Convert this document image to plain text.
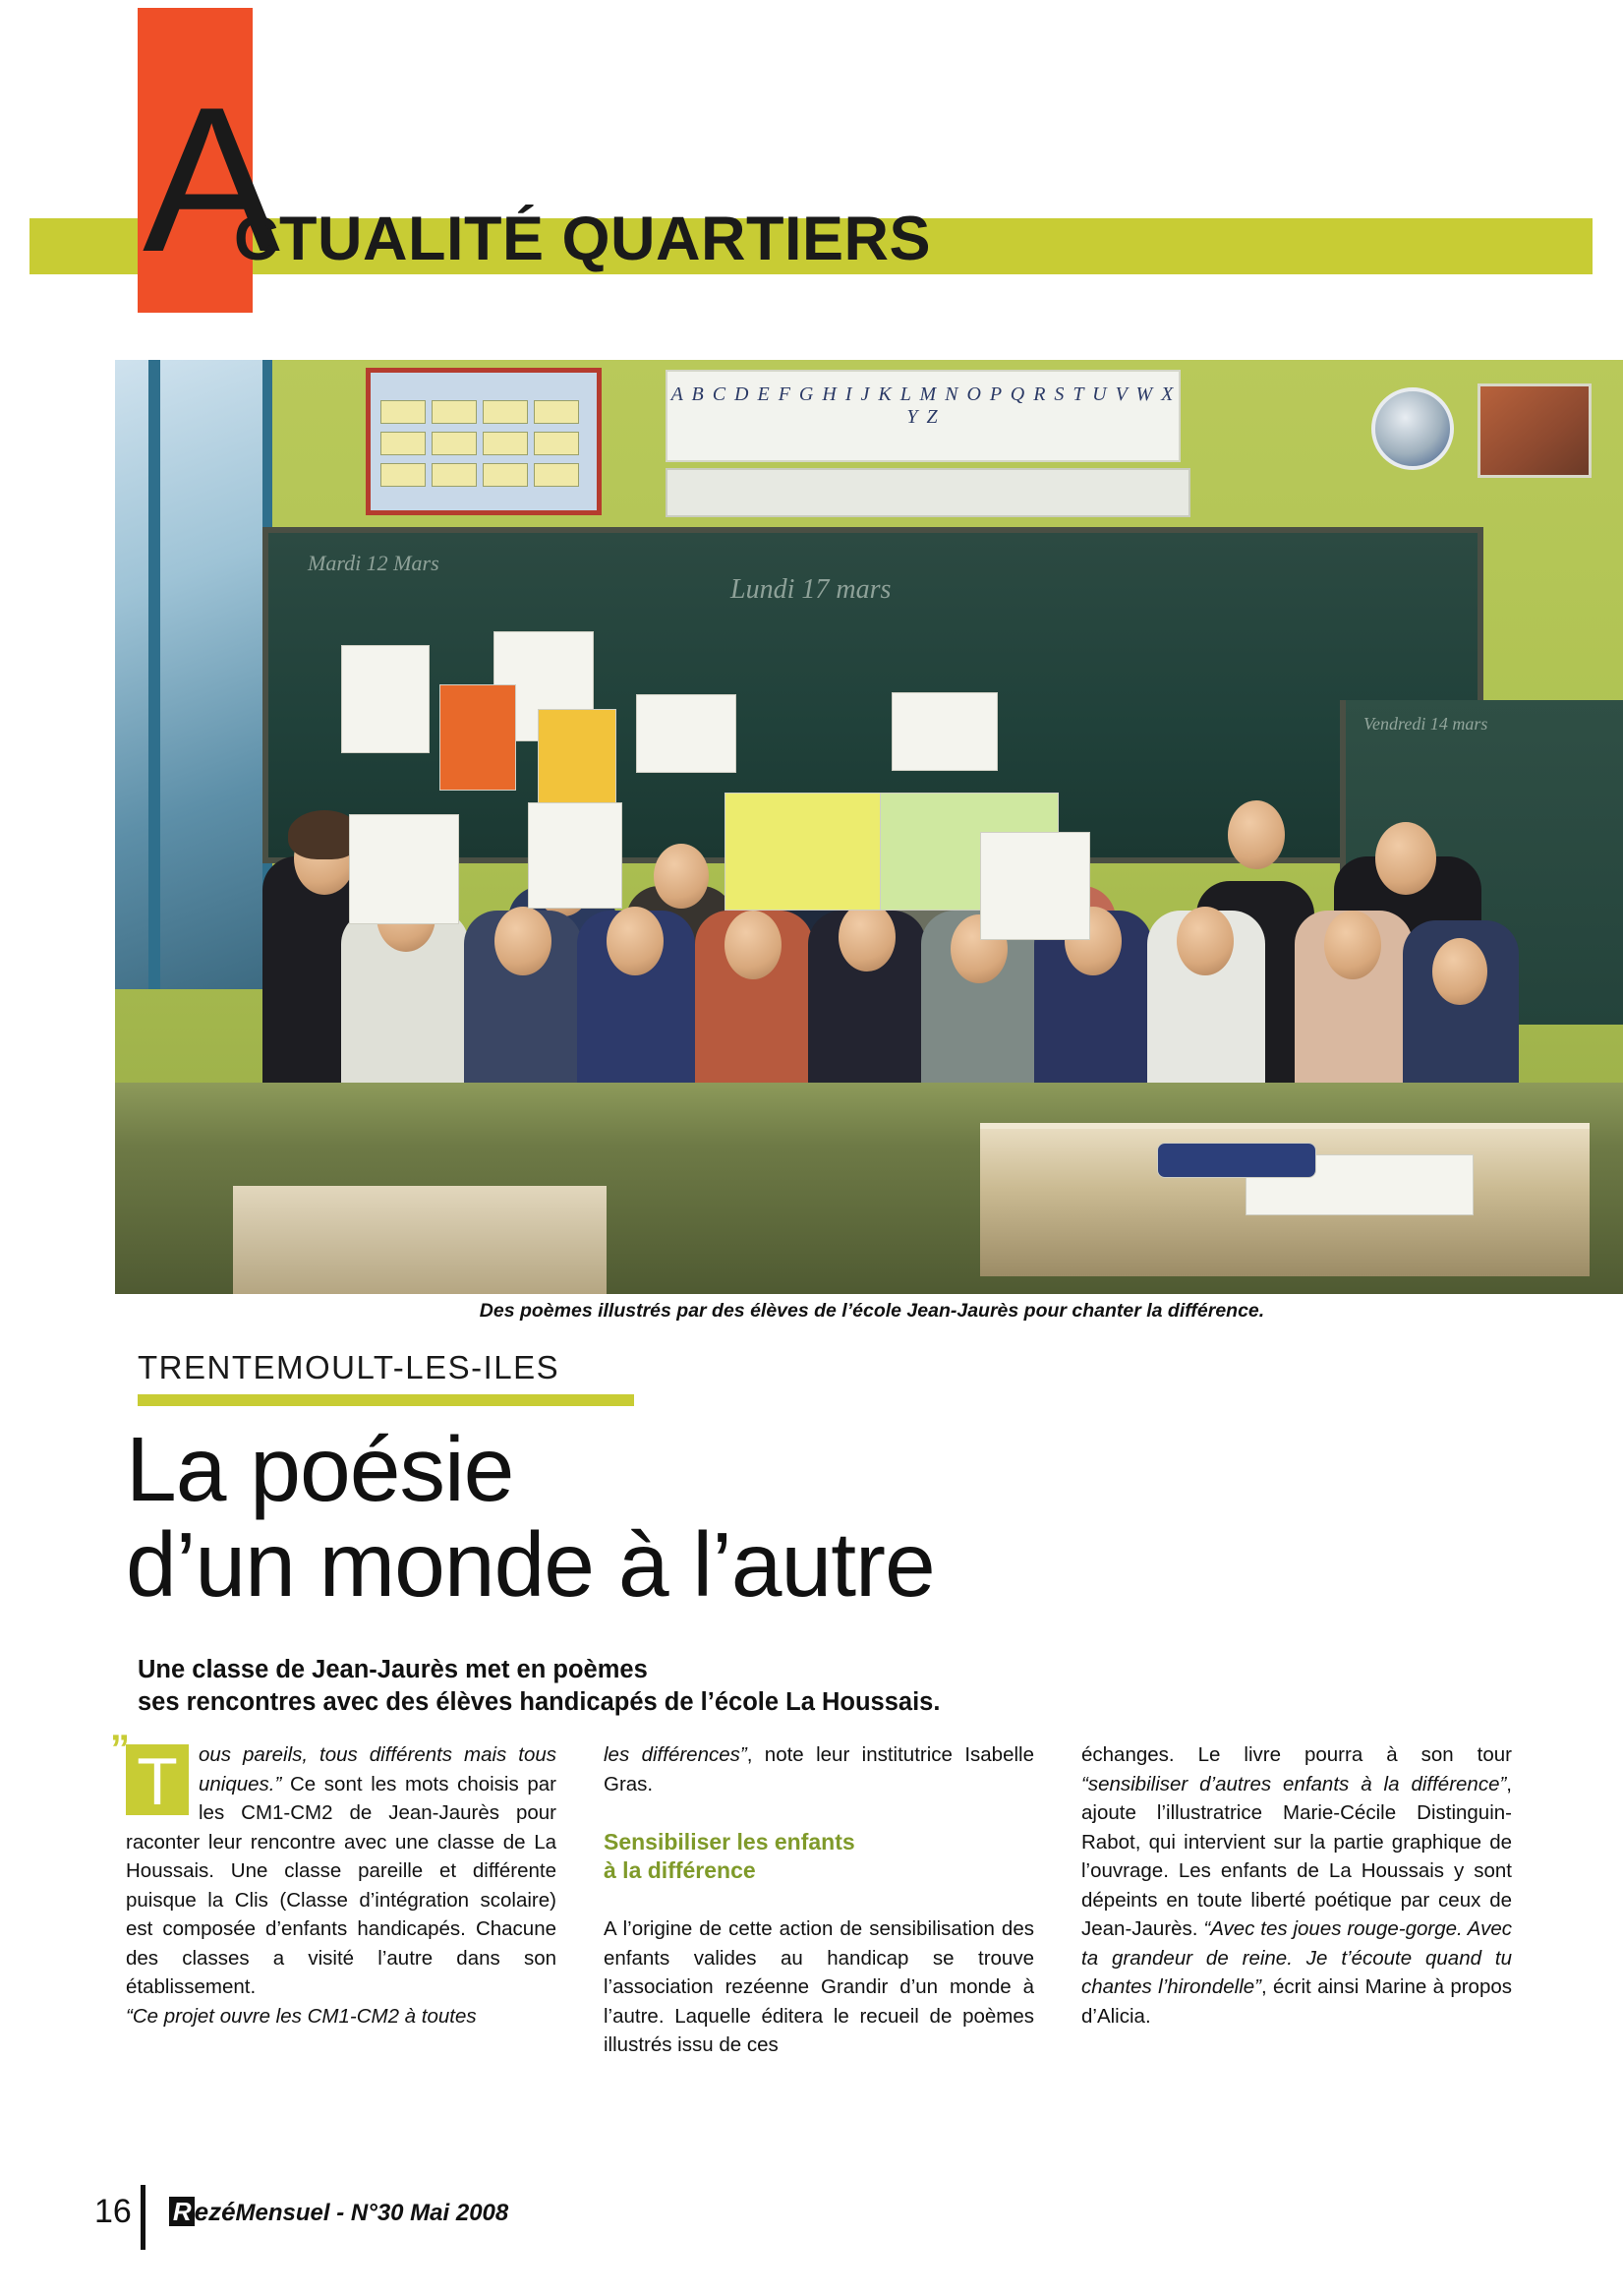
A
CTUALITÉ QUARTIERS
A B C D E F G H I J K L M N O P Q R S T U V W X Y Z
Mardi 12 Mars
Lundi 17 mars
Vendredi 14 mars
Des poèmes illustrés par des élèves de l’école Jean-Jaurès pour chanter la différence.
TRENTEMOULT-LES-ILES
La poésie
d’un monde à l’autre
Une classe de Jean-Jaurès met en poèmes
ses rencontres avec des élèves handicapés de l’école La Houssais.
” T	ous pareils, tous différents mais tous uniques.” Ce sont les mots choisis par les CM1-CM2 de Jean-Jaurès pour raconter leur rencontre avec une classe de La Houssais. Une classe pareille et différente puisque la Clis (Classe d’intégration scolaire) est composée d’enfants handicapés. Chacune des classes a visité l’autre dans son établissement.

“Ce projet ouvre les CM1-CM2 à toutes

les différences”, note leur institutrice Isabelle Gras.

Sensibiliser les enfants
à la différence

A l’origine de cette action de sensibilisation des enfants valides au handicap se trouve l’association rezéenne Grandir d’un monde à l’autre. Laquelle éditera le recueil de poèmes illustrés issu de ces

échanges. Le livre pourra à son tour “sensibiliser d’autres enfants à la différence”, ajoute l’illustratrice Marie-Cécile Distinguin-Rabot, qui intervient sur la partie graphique de l’ouvrage. Les enfants de La Houssais y sont dépeints en toute liberté poétique par ceux de Jean-Jaurès. “Avec tes joues rouge-gorge. Avec ta grandeur de reine. Je t’écoute quand tu chantes l’hirondelle”, écrit ainsi Marine à propos d’Alicia.

16 R ezé Mensuel - N°30 Mai 2008
